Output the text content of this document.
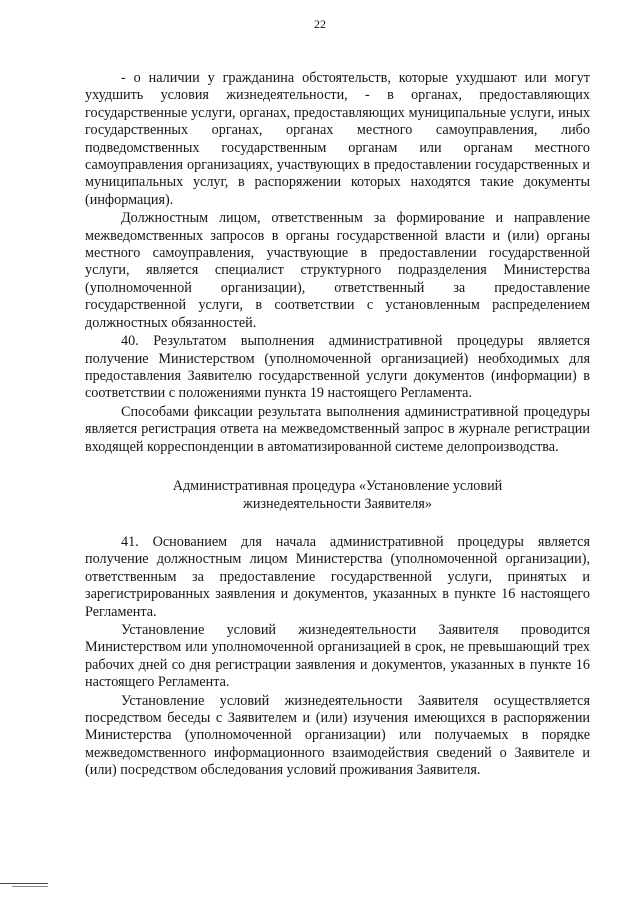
22

- о наличии у гражданина обстоятельств, которые ухудшают или могут ухудшить условия жизнедеятельности, - в органах, предоставляющих государственные услуги, органах, предоставляющих муниципальные услуги, иных государственных органах, органах местного самоуправления, либо подведомственных государственным органам или органам местного самоуправления организациях, участвующих в предоставлении государственных и муниципальных услуг, в распоряжении которых находятся такие документы (информация).

Должностным лицом, ответственным за формирование и направление межведомственных запросов в органы государственной власти и (или) органы местного самоуправления, участвующие в предоставлении государственной услуги, является специалист структурного подразделения Министерства (уполномоченной организации), ответственный за предоставление государственной услуги, в соответствии с установленным распределением должностных обязанностей.

40. Результатом выполнения административной процедуры является получение Министерством (уполномоченной организацией) необходимых для предоставления Заявителю государственной услуги документов (информации) в соответствии с положениями пункта 19 настоящего Регламента.

Способами фиксации результата выполнения административной процедуры является регистрация ответа на межведомственный запрос в журнале регистрации входящей корреспонденции в автоматизированной системе делопроизводства.

Административная процедура «Установление условий
жизнедеятельности Заявителя»

41. Основанием для начала административной процедуры является получение должностным лицом Министерства (уполномоченной организации), ответственным за предоставление государственной услуги, принятых и зарегистрированных заявления и документов, указанных в пункте 16 настоящего Регламента.

Установление условий жизнедеятельности Заявителя проводится Министерством или уполномоченной организацией в срок, не превышающий трех рабочих дней со дня регистрации заявления и документов, указанных в пункте 16 настоящего Регламента.

Установление условий жизнедеятельности Заявителя осуществляется посредством беседы с Заявителем и (или) изучения имеющихся в распоряжении Министерства (уполномоченной организации) или получаемых в порядке межведомственного информационного взаимодействия сведений о Заявителе и (или) посредством обследования условий проживания Заявителя.
